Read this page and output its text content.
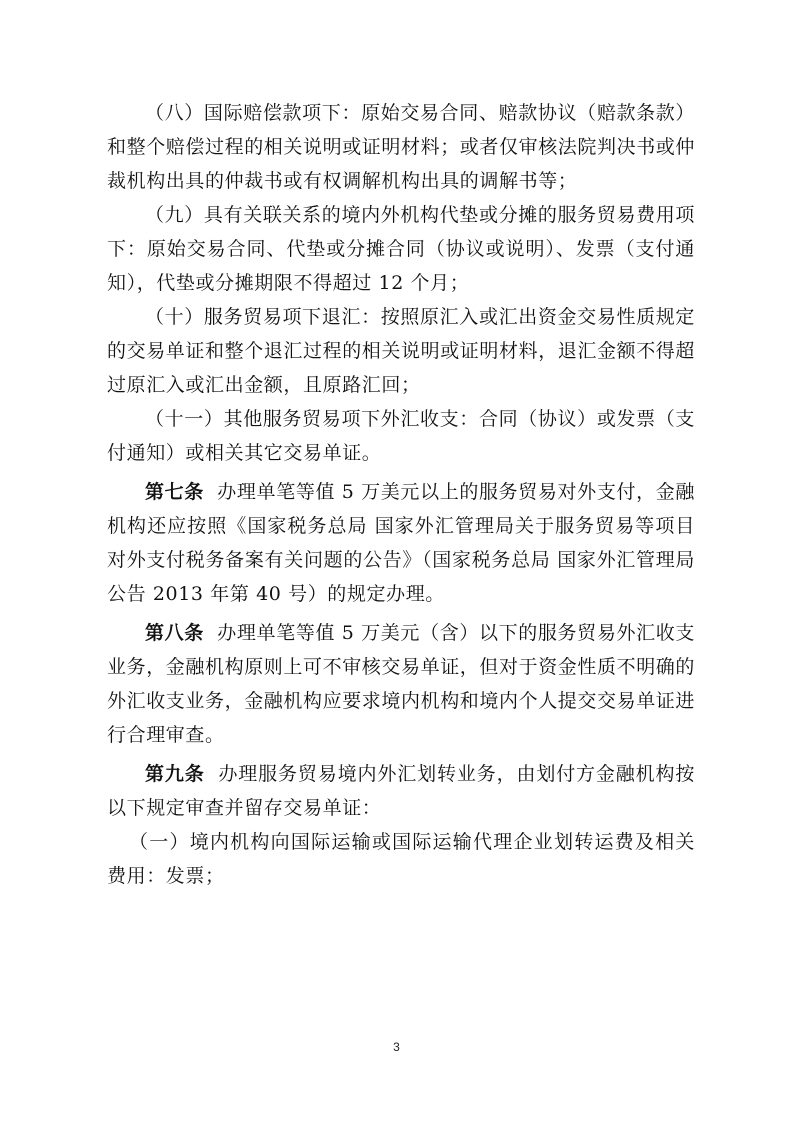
（八）国际赔偿款项下：原始交易合同、赔款协议（赔款条款）和整个赔偿过程的相关说明或证明材料；或者仅审核法院判决书或仲裁机构出具的仲裁书或有权调解机构出具的调解书等；

（九）具有关联关系的境内外机构代垫或分摊的服务贸易费用项下：原始交易合同、代垫或分摊合同（协议或说明）、发票（支付通知），代垫或分摊期限不得超过 12 个月；

（十）服务贸易项下退汇：按照原汇入或汇出资金交易性质规定的交易单证和整个退汇过程的相关说明或证明材料，退汇金额不得超过原汇入或汇出金额，且原路汇回；

（十一）其他服务贸易项下外汇收支：合同（协议）或发票（支付通知）或相关其它交易单证。

第七条 办理单笔等值 5 万美元以上的服务贸易对外支付，金融机构还应按照《国家税务总局 国家外汇管理局关于服务贸易等项目对外支付税务备案有关问题的公告》（国家税务总局 国家外汇管理局公告 2013 年第 40 号）的规定办理。

第八条 办理单笔等值 5 万美元（含）以下的服务贸易外汇收支业务，金融机构原则上可不审核交易单证，但对于资金性质不明确的外汇收支业务，金融机构应要求境内机构和境内个人提交交易单证进行合理审查。

第九条 办理服务贸易境内外汇划转业务，由划付方金融机构按以下规定审查并留存交易单证：

（一）境内机构向国际运输或国际运输代理企业划转运费及相关费用：发票；

3
